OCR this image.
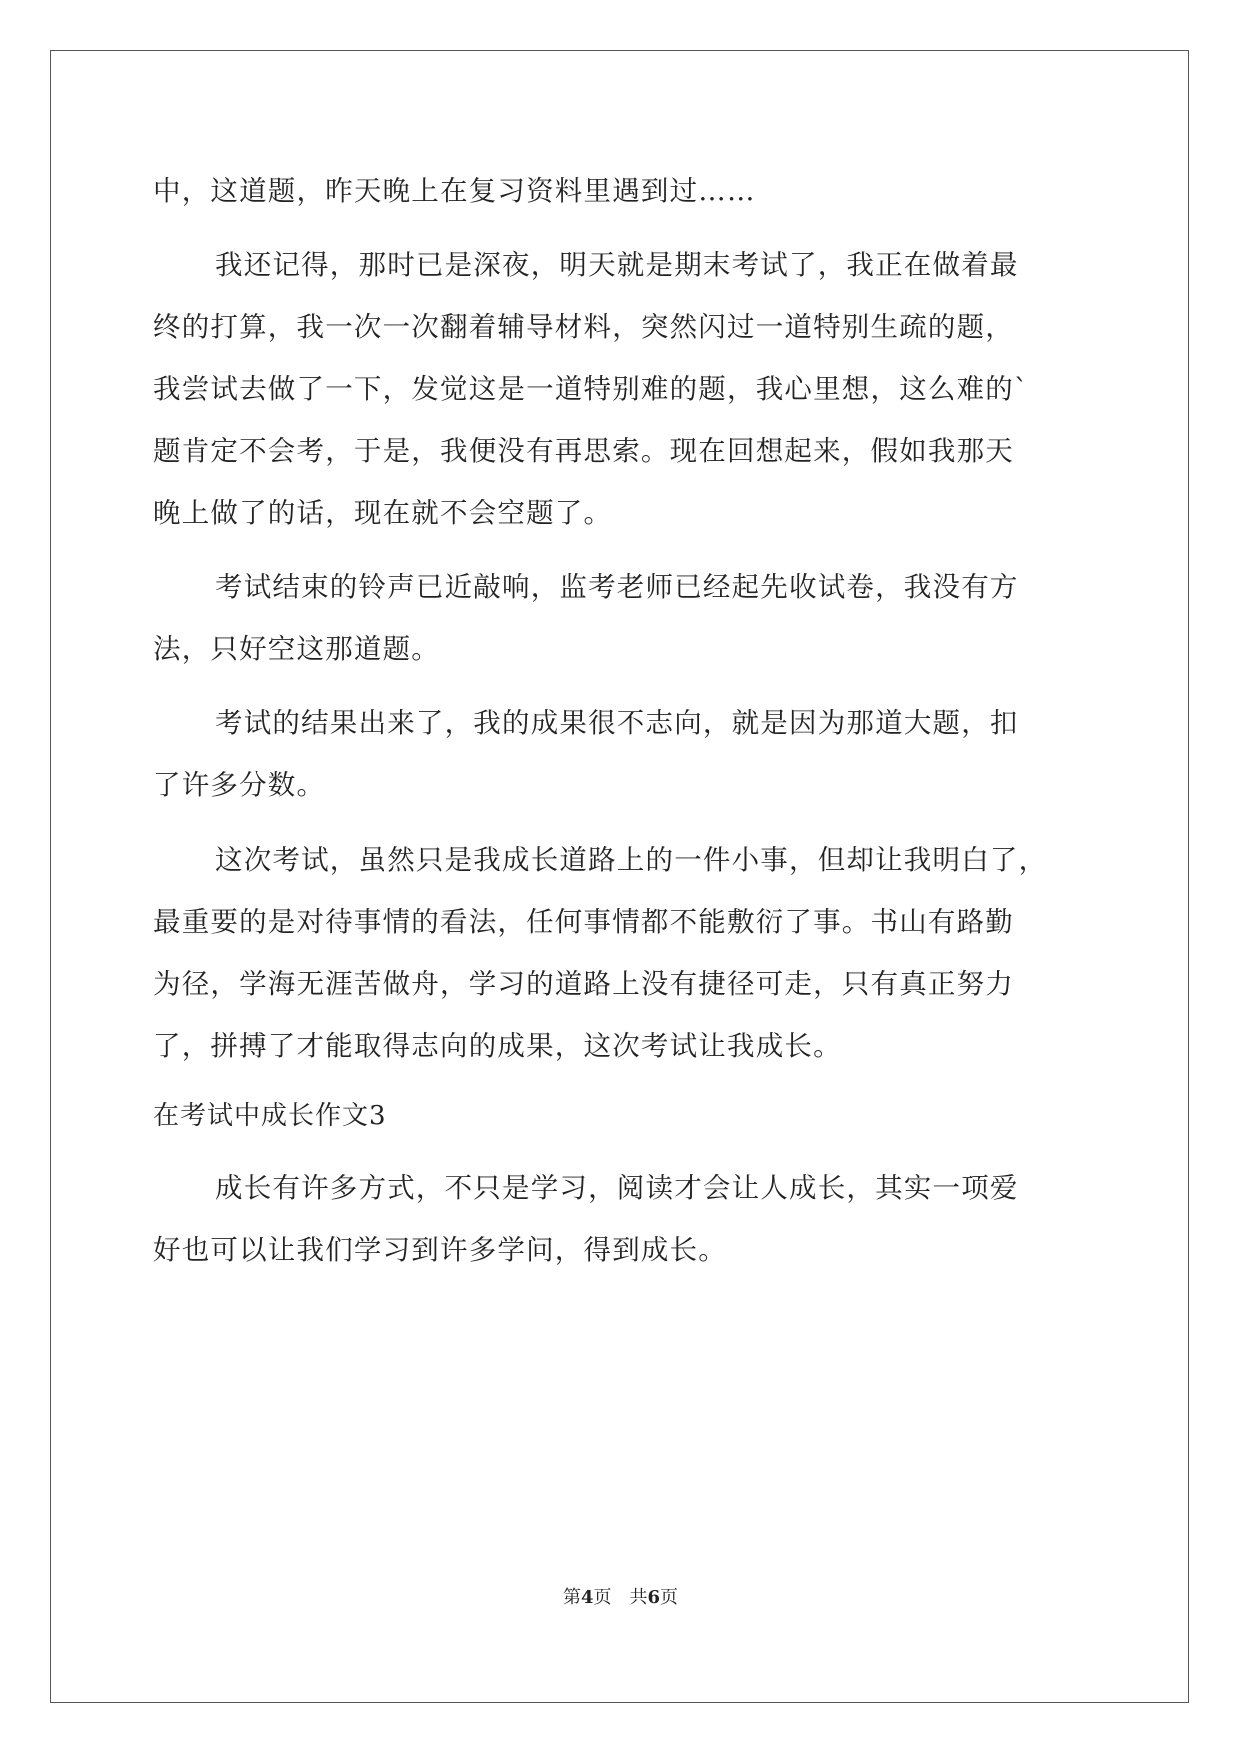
中，这道题，昨天晚上在复习资料里遇到过……
我还记得，那时已是深夜，明天就是期末考试了，我正在做着最
终的打算，我一次一次翻着辅导材料，突然闪过一道特别生疏的题，
我尝试去做了一下，发觉这是一道特别难的题，我心里想，这么难的`
题肯定不会考，于是，我便没有再思索。现在回想起来，假如我那天
晚上做了的话，现在就不会空题了。
考试结束的铃声已近敲响，监考老师已经起先收试卷，我没有方
法，只好空这那道题。
考试的结果出来了，我的成果很不志向，就是因为那道大题，扣
了许多分数。
这次考试，虽然只是我成长道路上的一件小事，但却让我明白了，
最重要的是对待事情的看法，任何事情都不能敷衍了事。书山有路勤
为径，学海无涯苦做舟，学习的道路上没有捷径可走，只有真正努力
了，拼搏了才能取得志向的成果，这次考试让我成长。
在考试中成长作文3
成长有许多方式，不只是学习，阅读才会让人成长，其实一项爱
好也可以让我们学习到许多学问，得到成长。
第4页 共6页
